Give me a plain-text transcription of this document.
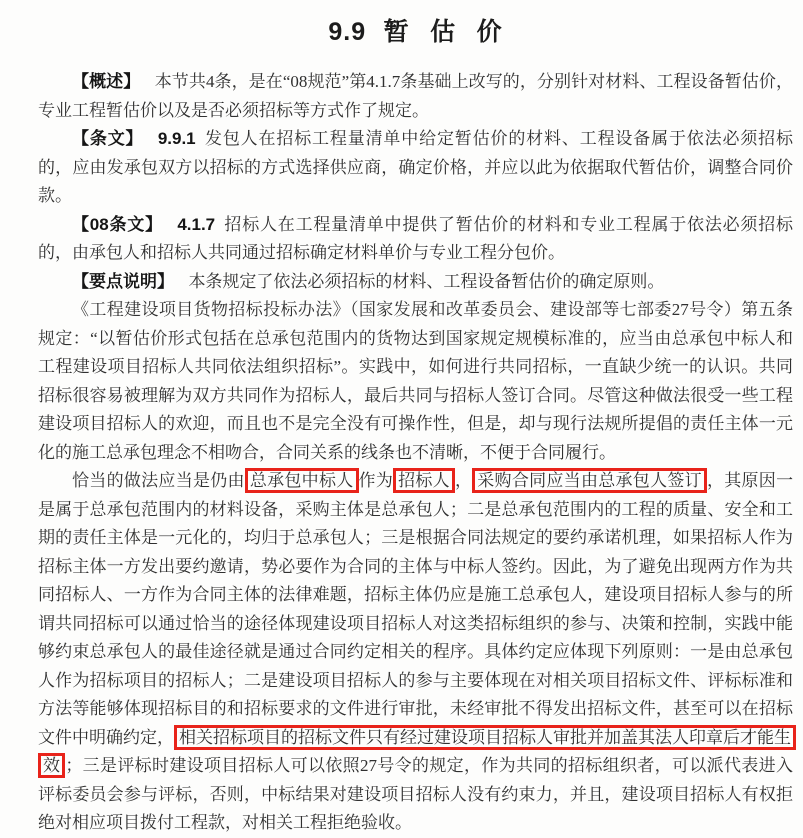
9.9 暂 估 价

【概述】 本节共4条，是在“08规范”第4.1.7条基础上改写的，分别针对材料、工程设备暂估价，专业工程暂估价以及是否必须招标等方式作了规定。

【条文】 9.9.1 发包人在招标工程量清单中给定暂估价的材料、工程设备属于依法必须招标的，应由发承包双方以招标的方式选择供应商，确定价格，并应以此为依据取代暂估价，调整合同价款。

【08条文】 4.1.7 招标人在工程量清单中提供了暂估价的材料和专业工程属于依法必须招标的，由承包人和招标人共同通过招标确定材料单价与专业工程分包价。

【要点说明】 本条规定了依法必须招标的材料、工程设备暂估价的确定原则。

《工程建设项目货物招标投标办法》（国家发展和改革委员会、建设部等七部委27号令）第五条规定：“以暂估价形式包括在总承包范围内的货物达到国家规定规模标准的，应当由总承包中标人和工程建设项目招标人共同依法组织招标”。实践中，如何进行共同招标，一直缺少统一的认识。共同招标很容易被理解为双方共同作为招标人，最后共同与招标人签订合同。尽管这种做法很受一些工程建设项目招标人的欢迎，而且也不是完全没有可操作性，但是，却与现行法规所提倡的责任主体一元化的施工总承包理念不相吻合，合同关系的线条也不清晰，不便于合同履行。

恰当的做法应当是仍由 总承包中标人 作为 招标人 ， 采购合同应当由总承包人签订 ，其原因一是属于总承包范围内的材料设备，采购主体是总承包人；二是总承包范围内的工程的质量、安全和工期的责任主体是一元化的，均归于总承包人；三是根据合同法规定的要约承诺机理，如果招标人作为招标主体一方发出要约邀请，势必要作为合同的主体与中标人签约。因此，为了避免出现两方作为共同招标人、一方作为合同主体的法律难题，招标主体仍应是施工总承包人，建设项目招标人参与的所谓共同招标可以通过恰当的途径体现建设项目招标人对这类招标组织的参与、决策和控制，实践中能够约束总承包人的最佳途径就是通过合同约定相关的程序。具体约定应体现下列原则：一是由总承包人作为招标项目的招标人；二是建设项目招标人的参与主要体现在对相关项目招标文件、评标标准和方法等能够体现招标目的和招标要求的文件进行审批，未经审批不得发出招标文件，甚至可以在招标文件中明确约定， 相关招标项目的招标文件只有经过建设项目招标人审批并加盖其法人印章后才能生效 ；三是评标时建设项目招标人可以依照27号令的规定，作为共同的招标组织者，可以派代表进入评标委员会参与评标，否则，中标结果对建设项目招标人没有约束力，并且，建设项目招标人有权拒绝对相应项目拨付工程款，对相关工程拒绝验收。
